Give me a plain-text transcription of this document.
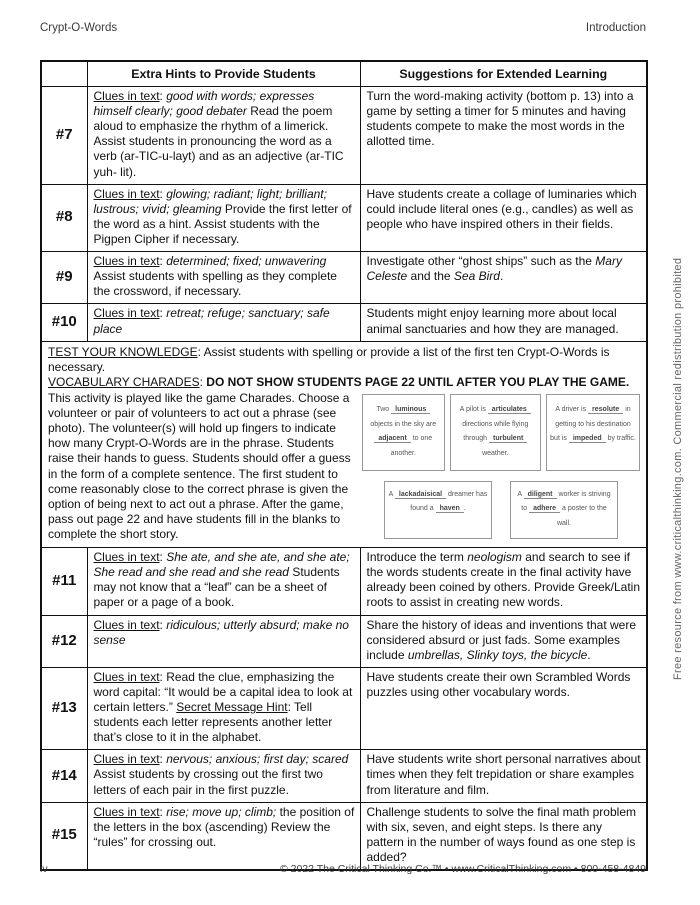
Crypt-O-Words	Introduction
	Extra Hints to Provide Students	Suggestions for Extended Learning
#7	Clues in text: good with words; expresses himself clearly; good debater Read the poem aloud to emphasize the rhythm of a limerick. Assist students in pronouncing the word as a verb (ar-TIC-u-layt) and as an adjective (ar-TIC yuh- lit).	Turn the word-making activity (bottom p. 13) into a game by setting a timer for 5 minutes and having students compete to make the most words in the allotted time.
#8	Clues in text: glowing; radiant; light; brilliant; lustrous; vivid; gleaming Provide the first letter of the word as a hint. Assist students with the Pigpen Cipher if necessary.	Have students create a collage of luminaries which could include literal ones (e.g., candles) as well as people who have inspired others in their fields.
#9	Clues in text: determined; fixed; unwavering Assist students with spelling as they complete the crossword, if necessary.	Investigate other “ghost ships” such as the Mary Celeste and the Sea Bird.
#10	Clues in text: retreat; refuge; sanctuary; safe place	Students might enjoy learning more about local animal sanctuaries and how they are managed.

TEST YOUR KNOWLEDGE: Assist students with spelling or provide a list of the first ten Crypt-O-Words is necessary.
VOCABULARY CHARADES: DO NOT SHOW STUDENTS PAGE 22 UNTIL AFTER YOU PLAY THE GAME.
Two luminous objects in the sky are adjacent to one another.
A pilot is articulates directions while flying through turbulent weather.
A driver is resolute in getting to his destination but is impeded by traffic.
A lackadaisical dreamer has found a haven .
A diligent worker is striving to adhere a poster to the wall.
This activity is played like the game Charades. Choose a volunteer or pair of volunteers to act out a phrase (see photo). The volunteer(s) will hold up fingers to indicate how many Crypt-O-Words are in the phrase. Students raise their hands to guess. Students should offer a guess in the form of a complete sentence. The first student to come reasonably close to the correct phrase is given the option of being next to act out a phrase. After the game, pass out page 22 and have students fill in the blanks to complete the short story.

#11	Clues in text: She ate, and she ate, and she ate; She read and she read and she read Students may not know that a “leaf” can be a sheet of paper or a page of a book.	Introduce the term neologism and search to see if the words students create in the final activity have already been coined by others. Provide Greek/Latin roots to assist in creating new words.
#12	Clues in text: ridiculous; utterly absurd; make no sense	Share the history of ideas and inventions that were considered absurd or just fads. Some examples include umbrellas, Slinky toys, the bicycle.
#13	Clues in text: Read the clue, emphasizing the word capital: “It would be a capital idea to look at certain letters.” Secret Message Hint: Tell students each letter represents another letter that’s close to it in the alphabet.	Have students create their own Scrambled Words puzzles using other vocabulary words.
#14	Clues in text: nervous; anxious; first day; scared Assist students by crossing out the first two letters of each pair in the first puzzle.	Have students write short personal narratives about times when they felt trepidation or share examples from literature and film.
#15	Clues in text: rise; move up; climb; the position of the letters in the box (ascending) Review the “rules” for crossing out.	Challenge students to solve the final math problem with six, seven, and eight steps. Is there any pattern in the number of ways found as one step is added?
iv	© 2022 The Critical Thinking Co.™ • www.CriticalThinking.com • 800-458-4849
Free resource from www.criticalthinking.com. Commercial redistribution prohibited
